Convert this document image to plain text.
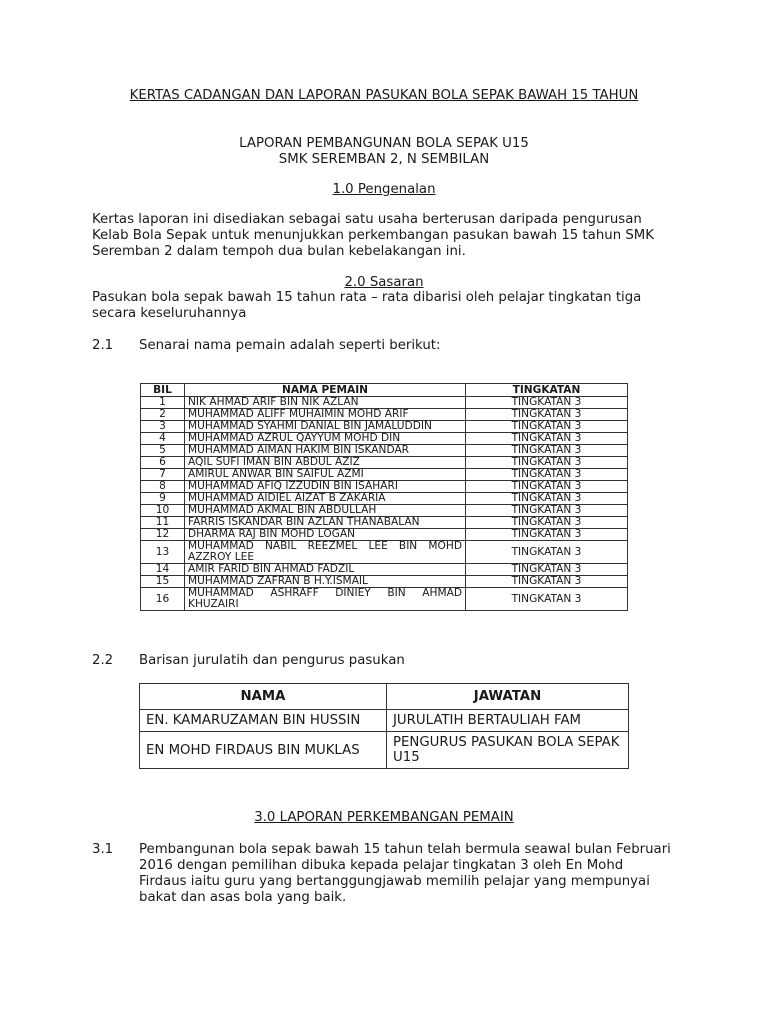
KERTAS CADANGAN DAN LAPORAN PASUKAN BOLA SEPAK BAWAH 15 TAHUN
LAPORAN PEMBANGUNAN BOLA SEPAK U15
SMK SEREMBAN 2, N SEMBILAN
1.0 Pengenalan
Kertas laporan ini disediakan sebagai satu usaha berterusan daripada pengurusan Kelab Bola Sepak untuk menunjukkan perkembangan pasukan bawah 15 tahun SMK Seremban 2 dalam tempoh dua bulan kebelakangan ini.
2.0 Sasaran
Pasukan bola sepak bawah 15 tahun rata – rata dibarisi oleh pelajar tingkatan tiga secara keseluruhannya
2.1 Senarai nama pemain adalah seperti berikut:
BIL	NAMA PEMAIN	TINGKATAN
1	NIK AHMAD ARIF BIN NIK AZLAN	TINGKATAN 3
2	MUHAMMAD ALIFF MUHAIMIN MOHD ARIF	TINGKATAN 3
3	MUHAMMAD SYAHMI DANIAL BIN JAMALUDDIN	TINGKATAN 3
4	MUHAMMAD AZRUL QAYYUM MOHD DIN	TINGKATAN 3
5	MUHAMMAD AIMAN HAKIM BIN ISKANDAR	TINGKATAN 3
6	AQIL SUFI IMAN BIN ABDUL AZIZ	TINGKATAN 3
7	AMIRUL ANWAR BIN SAIFUL AZMI	TINGKATAN 3
8	MUHAMMAD AFIQ IZZUDIN BIN ISAHARI	TINGKATAN 3
9	MUHAMMAD AIDIEL AIZAT B ZAKARIA	TINGKATAN 3
10	MUHAMMAD AKMAL BIN ABDULLAH	TINGKATAN 3
11	FARRIS ISKANDAR BIN AZLAN THANABALAN	TINGKATAN 3
12	DHARMA RAJ BIN MOHD LOGAN	TINGKATAN 3
13	MUHAMMAD NABIL REEZMEL LEE BIN MOHD AZZROY LEE	TINGKATAN 3
14	AMIR FARID BIN AHMAD FADZIL	TINGKATAN 3
15	MUHAMMAD ZAFRAN B H.Y.ISMAIL	TINGKATAN 3
16	MUHAMMAD ASHRAFF DINIEY BIN AHMAD KHUZAIRI	TINGKATAN 3
2.2 Barisan jurulatih dan pengurus pasukan
NAMA	JAWATAN
EN. KAMARUZAMAN BIN HUSSIN	JURULATIH BERTAULIAH FAM
EN MOHD FIRDAUS BIN MUKLAS	PENGURUS PASUKAN BOLA SEPAK U15
3.0 LAPORAN PERKEMBANGAN PEMAIN
3.1 Pembangunan bola sepak bawah 15 tahun telah bermula seawal bulan Februari 2016 dengan pemilihan dibuka kepada pelajar tingkatan 3 oleh En Mohd Firdaus iaitu guru yang bertanggungjawab memilih pelajar yang mempunyai bakat dan asas bola yang baik.
